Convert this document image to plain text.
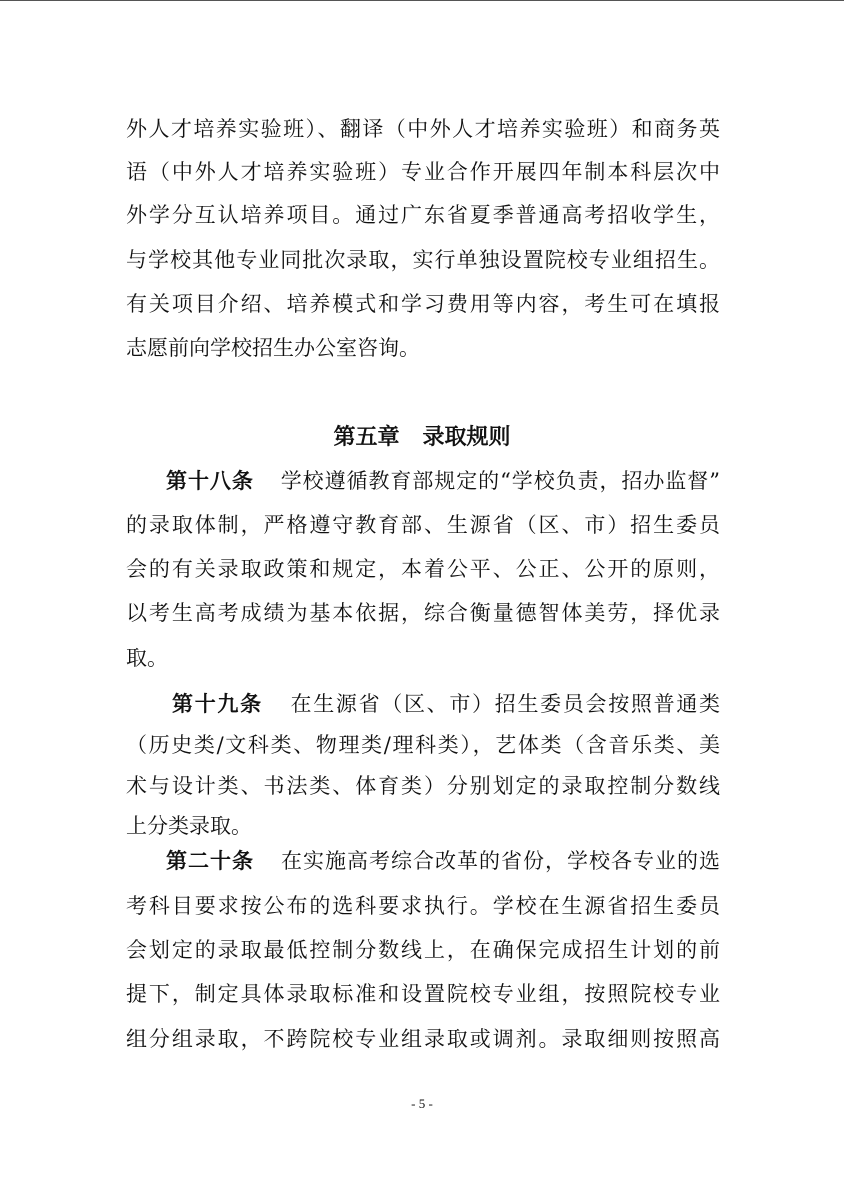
外人才培养实验班）、翻译（中外人才培养实验班）和商务英
语（中外人才培养实验班）专业合作开展四年制本科层次中
外学分互认培养项目。通过广东省夏季普通高考招收学生，
与学校其他专业同批次录取，实行单独设置院校专业组招生。
有关项目介绍、培养模式和学习费用等内容，考生可在填报
志愿前向学校招生办公室咨询。
第五章   录取规则
第十八条 学校遵循教育部规定的“学校负责，招办监督”
的录取体制，严格遵守教育部、生源省（区、市）招生委员
会的有关录取政策和规定，本着公平、公正、公开的原则，
以考生高考成绩为基本依据，综合衡量德智体美劳，择优录
取。
第十九条 在生源省（区、市）招生委员会按照普通类
（历史类/文科类、物理类/理科类），艺体类（含音乐类、美
术与设计类、书法类、体育类）分别划定的录取控制分数线
上分类录取。
第二十条 在实施高考综合改革的省份，学校各专业的选
考科目要求按公布的选科要求执行。学校在生源省招生委员
会划定的录取最低控制分数线上，在确保完成招生计划的前
提下，制定具体录取标准和设置院校专业组，按照院校专业
组分组录取，不跨院校专业组录取或调剂。录取细则按照高
- 5 -
